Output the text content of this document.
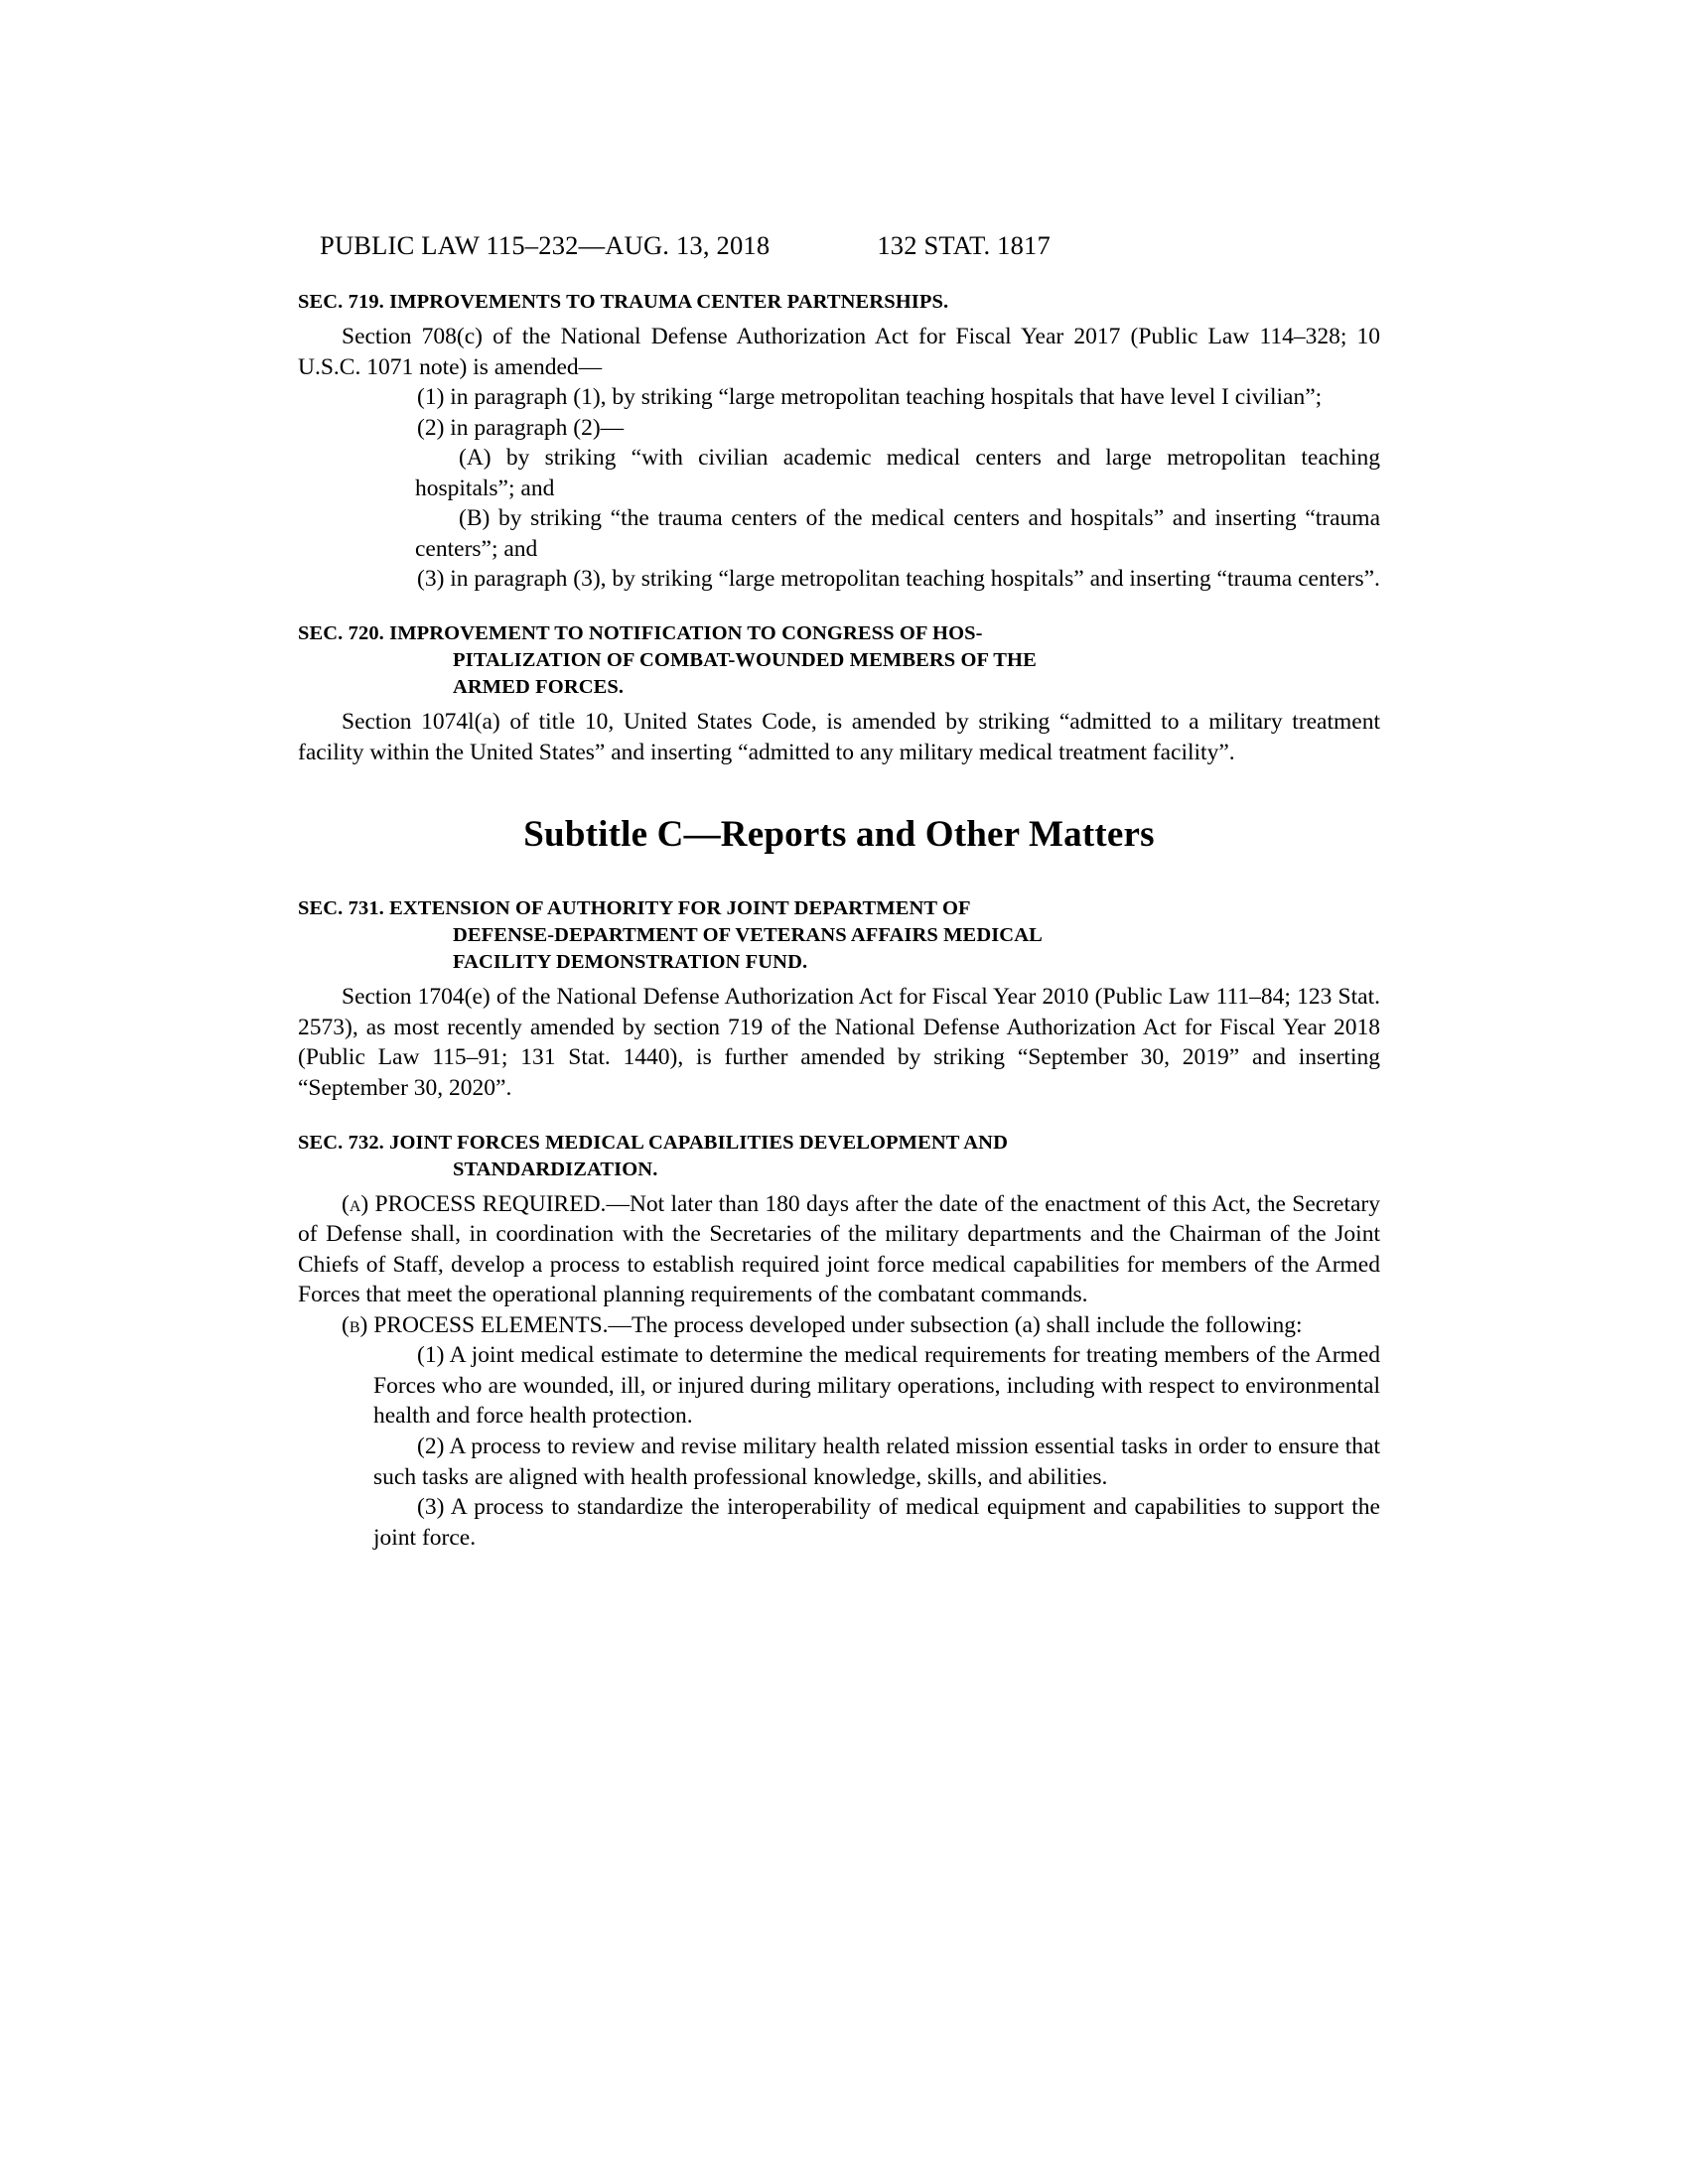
PUBLIC LAW 115–232—AUG. 13, 2018	132 STAT. 1817
SEC. 719. IMPROVEMENTS TO TRAUMA CENTER PARTNERSHIPS.

Section 708(c) of the National Defense Authorization Act for Fiscal Year 2017 (Public Law 114–328; 10 U.S.C. 1071 note) is amended—

(1) in paragraph (1), by striking “large metropolitan teaching hospitals that have level I civilian”;

(2) in paragraph (2)—

(A) by striking “with civilian academic medical centers and large metropolitan teaching hospitals”; and

(B) by striking “the trauma centers of the medical centers and hospitals” and inserting “trauma centers”; and

(3) in paragraph (3), by striking “large metropolitan teaching hospitals” and inserting “trauma centers”.

SEC. 720. IMPROVEMENT TO NOTIFICATION TO CONGRESS OF HOS-
PITALIZATION OF COMBAT-WOUNDED MEMBERS OF THE
ARMED FORCES.

Section 1074l(a) of title 10, United States Code, is amended by striking “admitted to a military treatment facility within the United States” and inserting “admitted to any military medical treatment facility”.

Subtitle C—Reports and Other Matters
SEC. 731. EXTENSION OF AUTHORITY FOR JOINT DEPARTMENT OF
DEFENSE-DEPARTMENT OF VETERANS AFFAIRS MEDICAL
FACILITY DEMONSTRATION FUND.

Section 1704(e) of the National Defense Authorization Act for Fiscal Year 2010 (Public Law 111–84; 123 Stat. 2573), as most recently amended by section 719 of the National Defense Authorization Act for Fiscal Year 2018 (Public Law 115–91; 131 Stat. 1440), is further amended by striking “September 30, 2019” and inserting “September 30, 2020”.

SEC. 732. JOINT FORCES MEDICAL CAPABILITIES DEVELOPMENT AND
STANDARDIZATION.

(a) PROCESS REQUIRED.—Not later than 180 days after the date of the enactment of this Act, the Secretary of Defense shall, in coordination with the Secretaries of the military departments and the Chairman of the Joint Chiefs of Staff, develop a process to establish required joint force medical capabilities for members of the Armed Forces that meet the operational planning requirements of the combatant commands.

(b) PROCESS ELEMENTS.—The process developed under subsection (a) shall include the following:

(1) A joint medical estimate to determine the medical requirements for treating members of the Armed Forces who are wounded, ill, or injured during military operations, including with respect to environmental health and force health protection.

(2) A process to review and revise military health related mission essential tasks in order to ensure that such tasks are aligned with health professional knowledge, skills, and abilities.

(3) A process to standardize the interoperability of medical equipment and capabilities to support the joint force.
